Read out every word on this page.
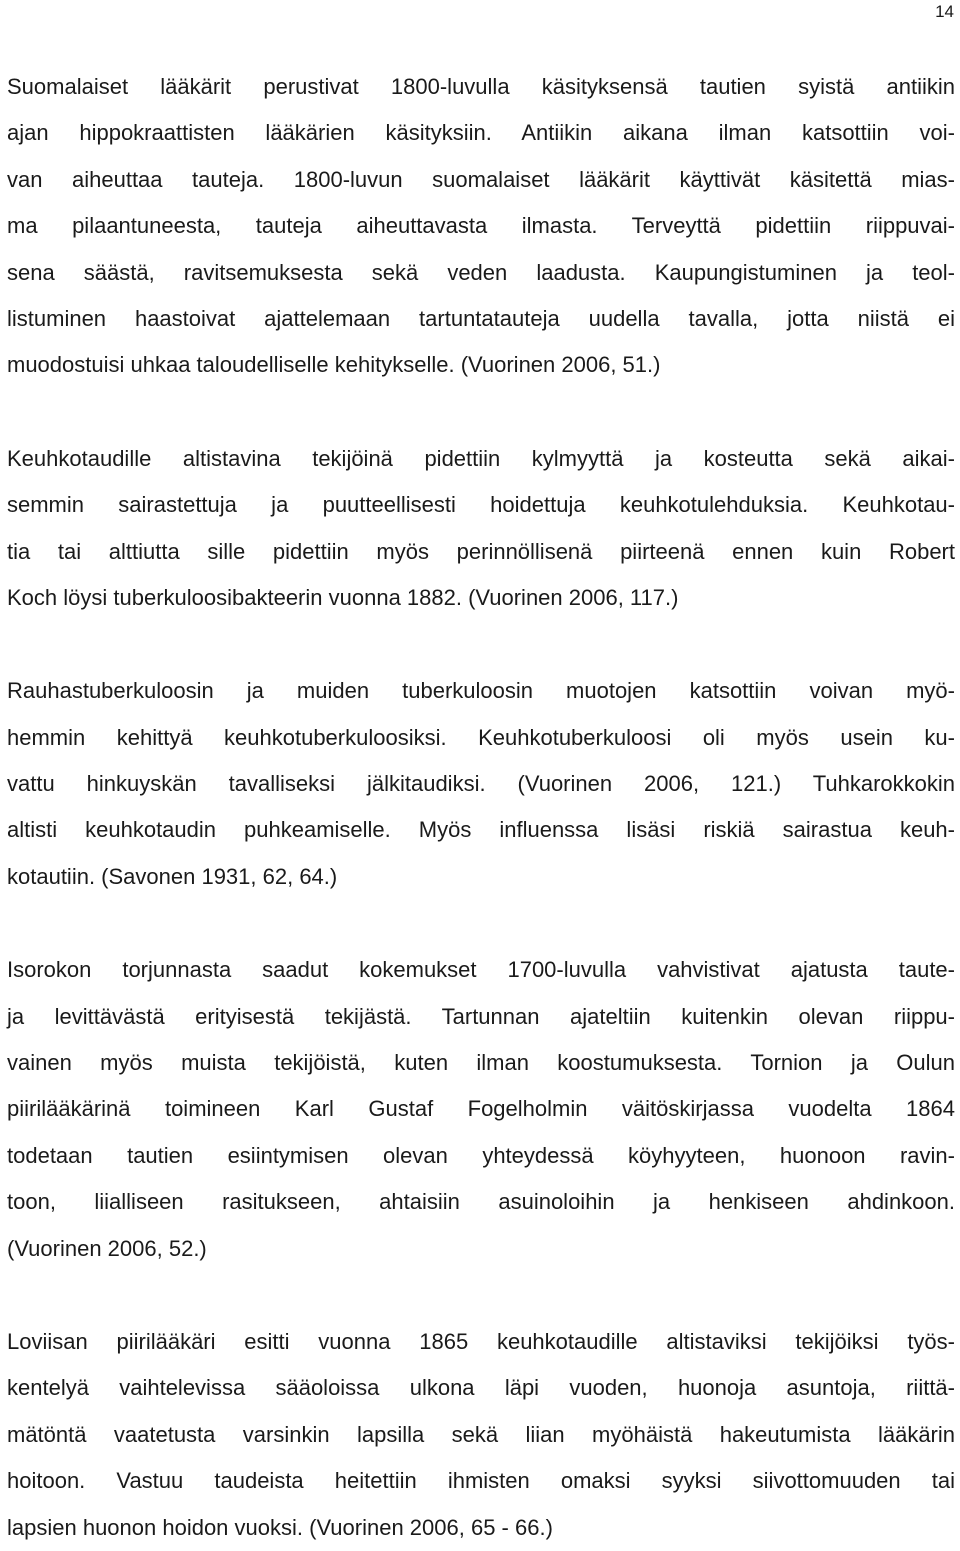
14

Suomalaiset lääkärit perustivat 1800-luvulla käsityksensä tautien syistä antiikin
ajan hippokraattisten lääkärien käsityksiin. Antiikin aikana ilman katsottiin voi-
van aiheuttaa tauteja. 1800-luvun suomalaiset lääkärit käyttivät käsitettä mias-
ma pilaantuneesta, tauteja aiheuttavasta ilmasta. Terveyttä pidettiin riippuvai-
sena säästä, ravitsemuksesta sekä veden laadusta. Kaupungistuminen ja teol-
listuminen haastoivat ajattelemaan tartuntatauteja uudella tavalla, jotta niistä ei
muodostuisi uhkaa taloudelliselle kehitykselle. (Vuorinen 2006, 51.)

Keuhkotaudille altistavina tekijöinä pidettiin kylmyyttä ja kosteutta sekä aikai-
semmin sairastettuja ja puutteellisesti hoidettuja keuhkotulehduksia. Keuhkotau-
tia tai alttiutta sille pidettiin myös perinnöllisenä piirteenä ennen kuin Robert
Koch löysi tuberkuloosibakteerin vuonna 1882. (Vuorinen 2006, 117.)

Rauhastuberkuloosin ja muiden tuberkuloosin muotojen katsottiin voivan myö-
hemmin kehittyä keuhkotuberkuloosiksi. Keuhkotuberkuloosi oli myös usein ku-
vattu hinkuyskän tavalliseksi jälkitaudiksi. (Vuorinen 2006, 121.) Tuhkarokkokin
altisti keuhkotaudin puhkeamiselle. Myös influenssa lisäsi riskiä sairastua keuh-
kotautiin. (Savonen 1931, 62, 64.)

Isorokon torjunnasta saadut kokemukset 1700-luvulla vahvistivat ajatusta taute-
ja levittävästä erityisestä tekijästä. Tartunnan ajateltiin kuitenkin olevan riippu-
vainen myös muista tekijöistä, kuten ilman koostumuksesta. Tornion ja Oulun
piirilääkärinä toimineen Karl Gustaf Fogelholmin väitöskirjassa vuodelta 1864
todetaan tautien esiintymisen olevan yhteydessä köyhyyteen, huonoon ravin-
toon, liialliseen rasitukseen, ahtaisiin asuinoloihin ja henkiseen ahdinkoon.
(Vuorinen 2006, 52.)

Loviisan piirilääkäri esitti vuonna 1865 keuhkotaudille altistaviksi tekijöiksi työs-
kentelyä vaihtelevissa sääoloissa ulkona läpi vuoden, huonoja asuntoja, riittä-
mätöntä vaatetusta varsinkin lapsilla sekä liian myöhäistä hakeutumista lääkärin
hoitoon. Vastuu taudeista heitettiin ihmisten omaksi syyksi siivottomuuden tai
lapsien huonon hoidon vuoksi. (Vuorinen 2006, 65 - 66.)
